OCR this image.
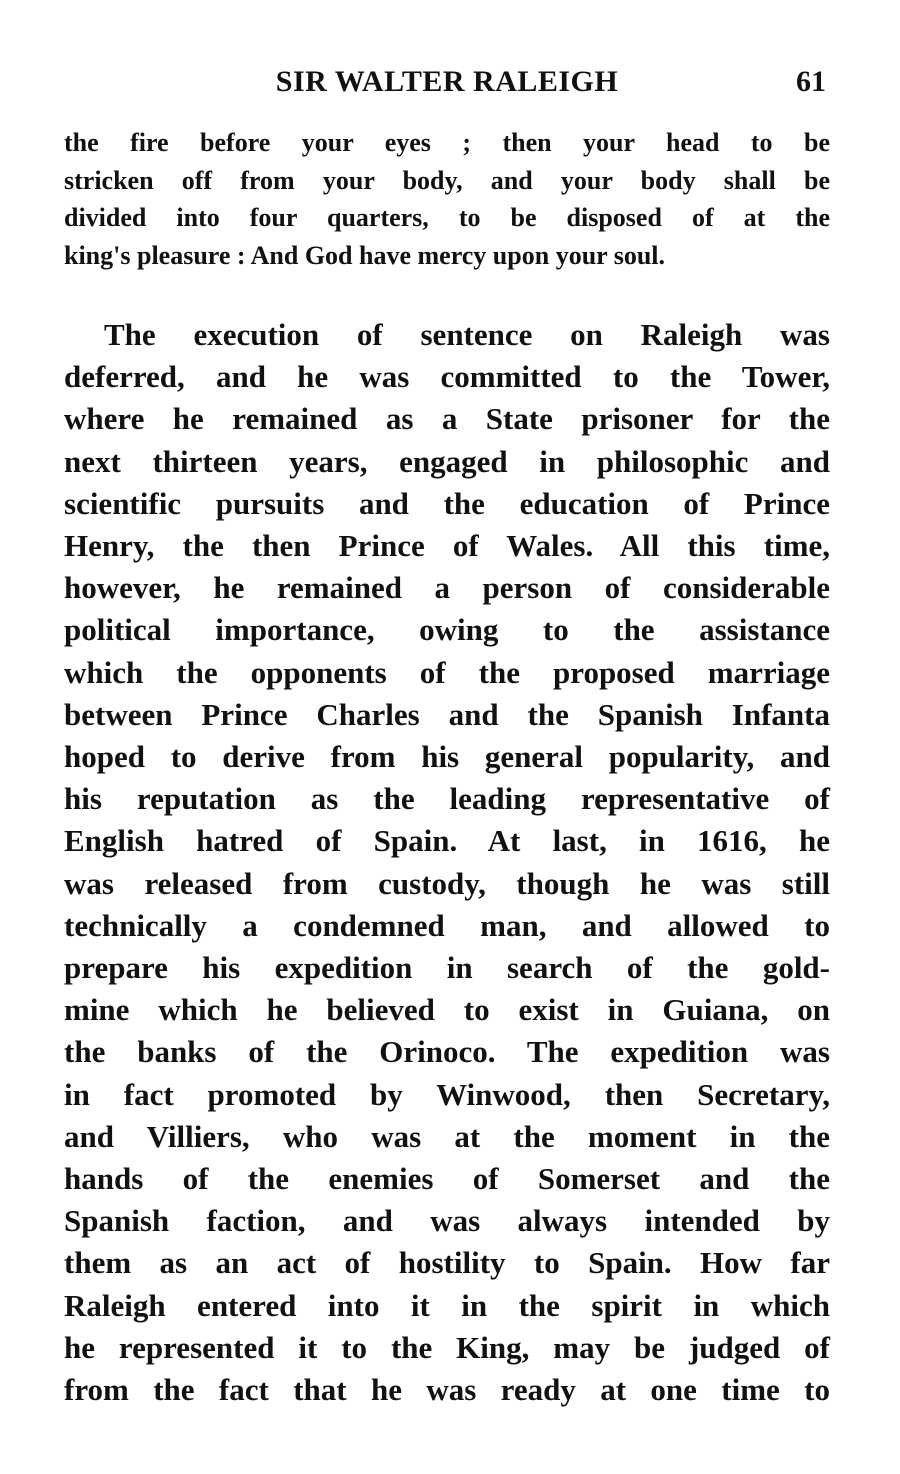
SIR WALTER RALEIGH	61
the fire before your eyes ; then your head to be
stricken off from your body, and your body shall be
divided into four quarters, to be disposed of at the
king's pleasure : And God have mercy upon your soul.
The execution of sentence on Raleigh was
deferred, and he was committed to the Tower,
where he remained as a State prisoner for the
next thirteen years, engaged in philosophic and
scientific pursuits and the education of Prince
Henry, the then Prince of Wales. All this time,
however, he remained a person of considerable
political importance, owing to the assistance
which the opponents of the proposed marriage
between Prince Charles and the Spanish Infanta
hoped to derive from his general popularity, and
his reputation as the leading representative of
English hatred of Spain. At last, in 1616, he
was released from custody, though he was still
technically a condemned man, and allowed to
prepare his expedition in search of the gold-
mine which he believed to exist in Guiana, on
the banks of the Orinoco. The expedition was
in fact promoted by Winwood, then Secretary,
and Villiers, who was at the moment in the
hands of the enemies of Somerset and the
Spanish faction, and was always intended by
them as an act of hostility to Spain. How far
Raleigh entered into it in the spirit in which
he represented it to the King, may be judged of
from the fact that he was ready at one time to
